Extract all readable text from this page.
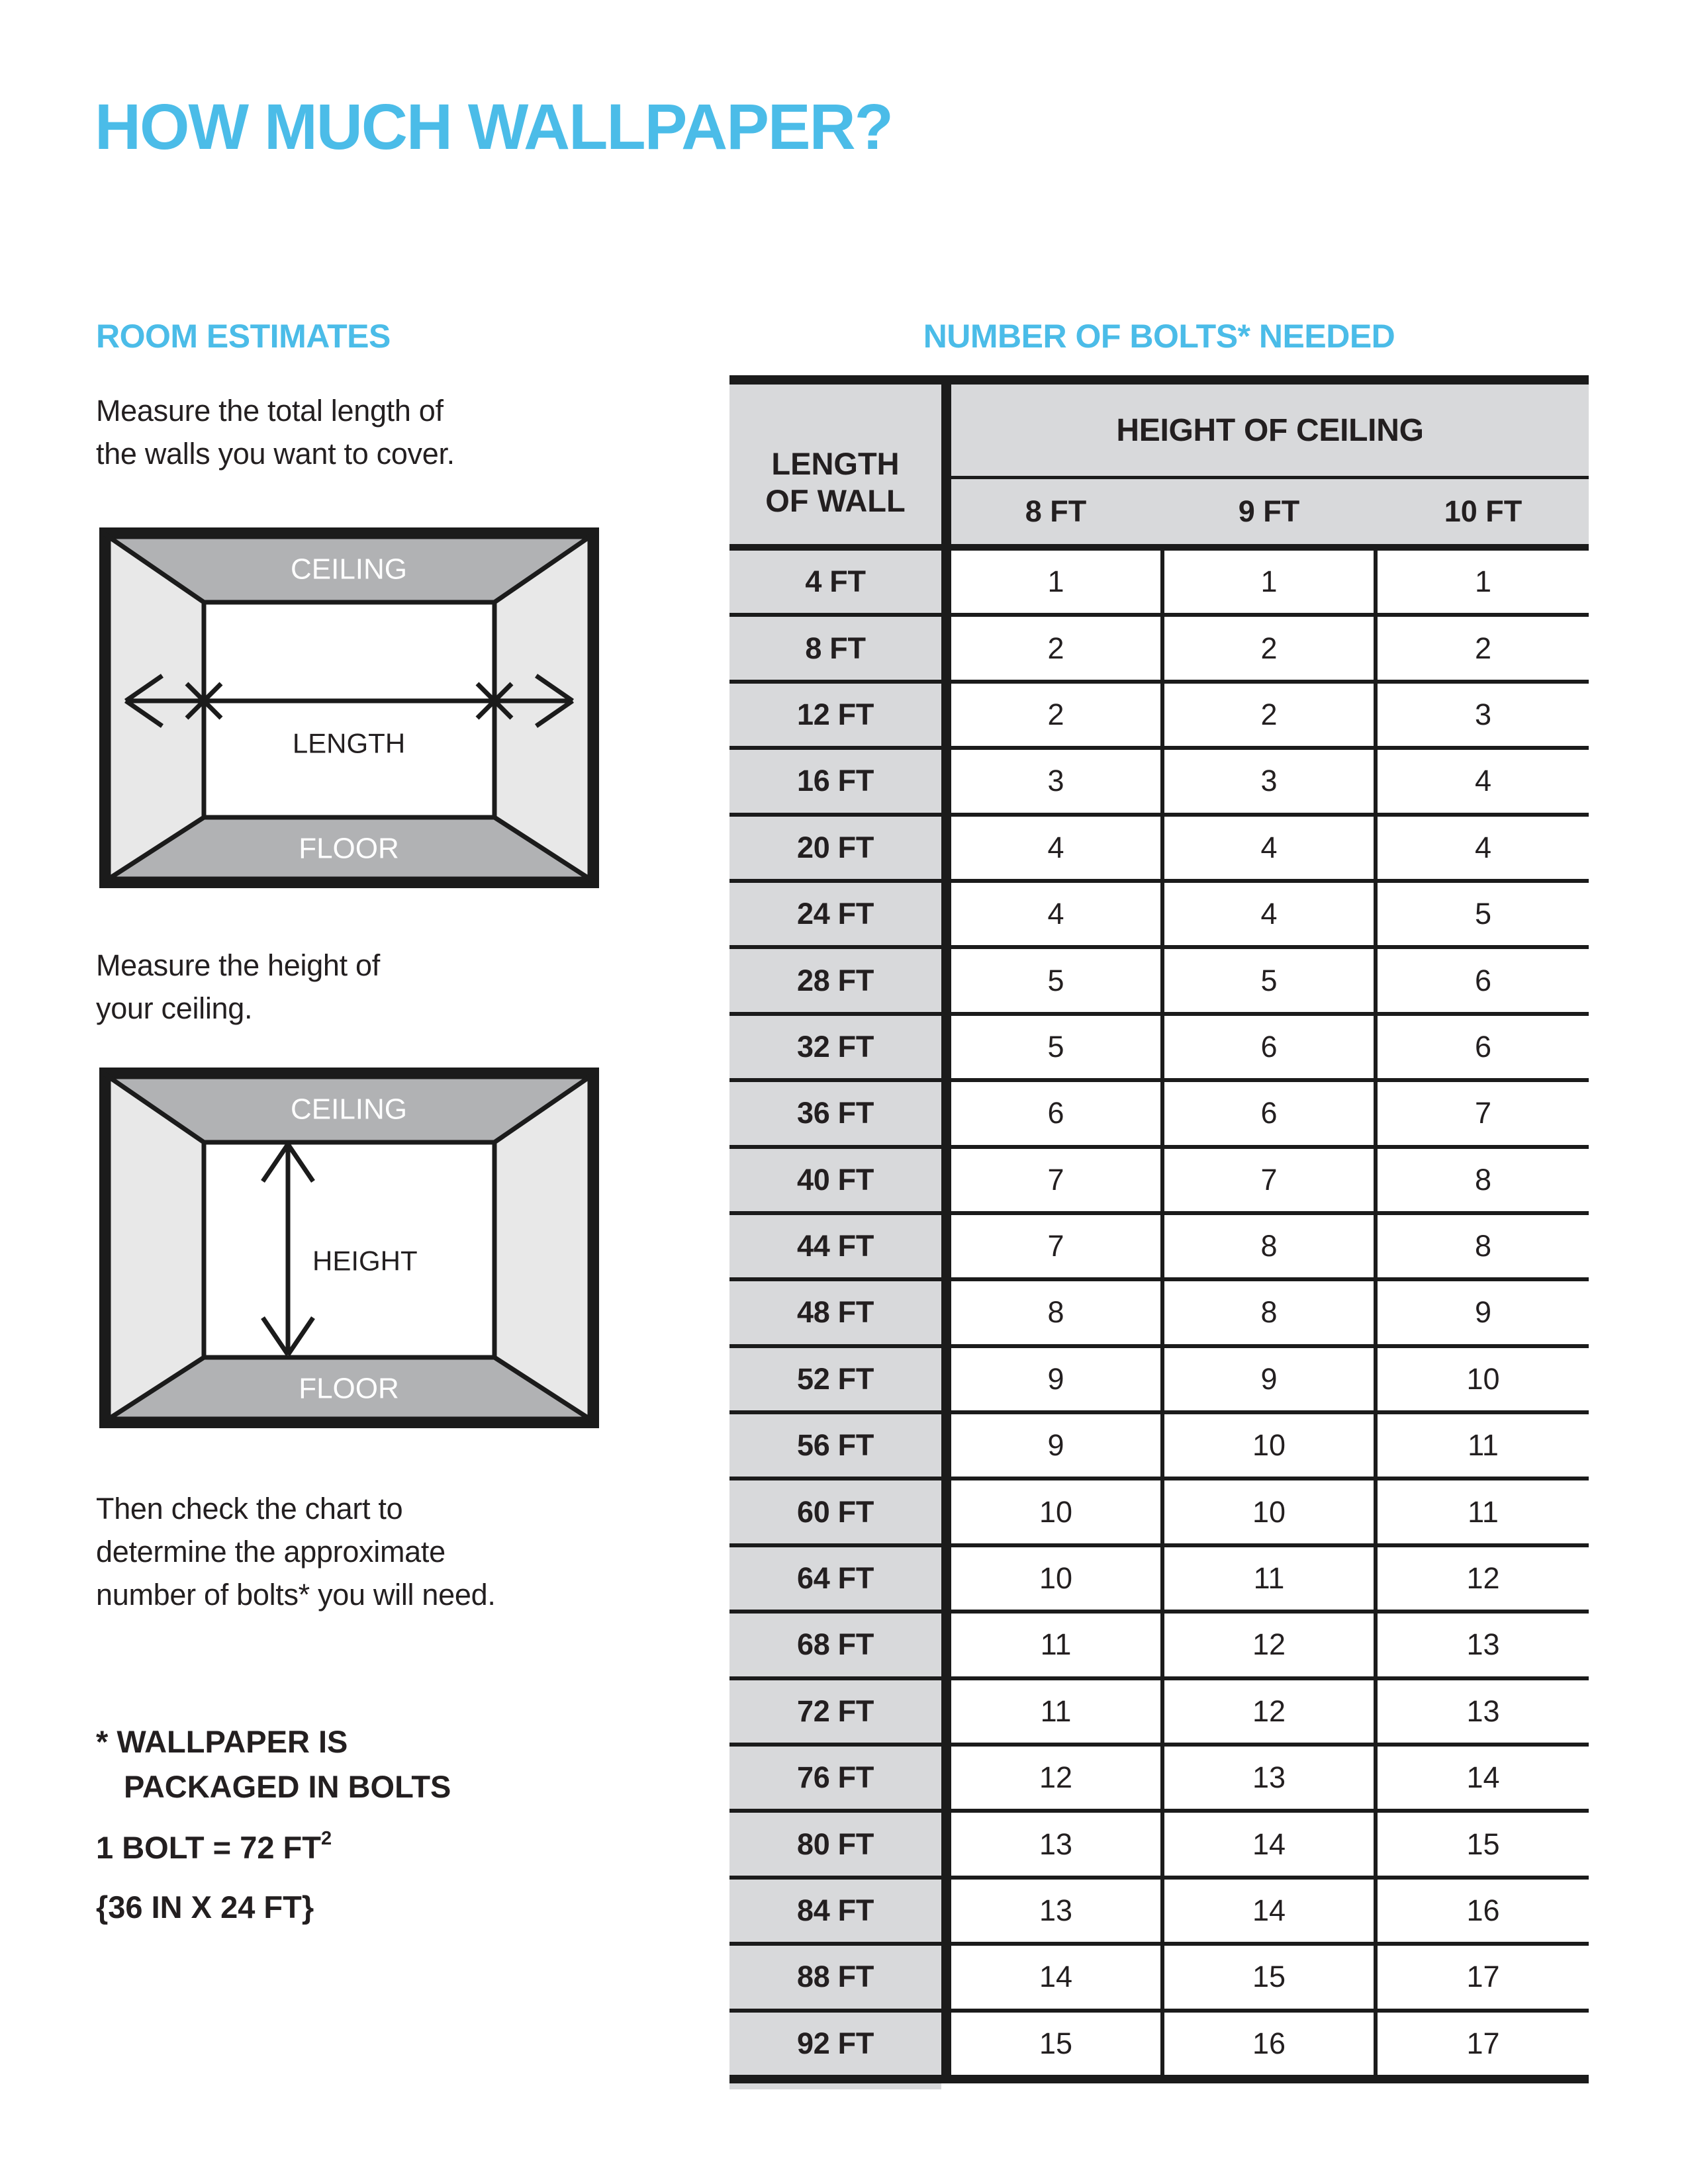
HOW MUCH WALLPAPER?
ROOM ESTIMATES	NUMBER OF BOLTS* NEEDED
Measure the total length of
the walls you want to cover.
CEILING
FLOOR
LENGTH
Measure the height of
your ceiling.
CEILING
FLOOR
HEIGHT
Then check the chart to
determine the approximate
number of bolts* you will need.
* WALLPAPER IS
PACKAGED IN BOLTS
1 BOLT = 72 $FT^2$
{36 IN X 24 FT}
LENGTH
OF WALL
HEIGHT OF CEILING
8 FT	9 FT	10 FT
4 FT	1	1	1
8 FT	2	2	2
12 FT	2	2	3
16 FT	3	3	4
20 FT	4	4	4
24 FT	4	4	5
28 FT	5	5	6
32 FT	5	6	6
36 FT	6	6	7
40 FT	7	7	8
44 FT	7	8	8
48 FT	8	8	9
52 FT	9	9	10
56 FT	9	10	11
60 FT	10	10	11
64 FT	10	11	12
68 FT	11	12	13
72 FT	11	12	13
76 FT	12	13	14
80 FT	13	14	15
84 FT	13	14	16
88 FT	14	15	17
92 FT	15	16	17
